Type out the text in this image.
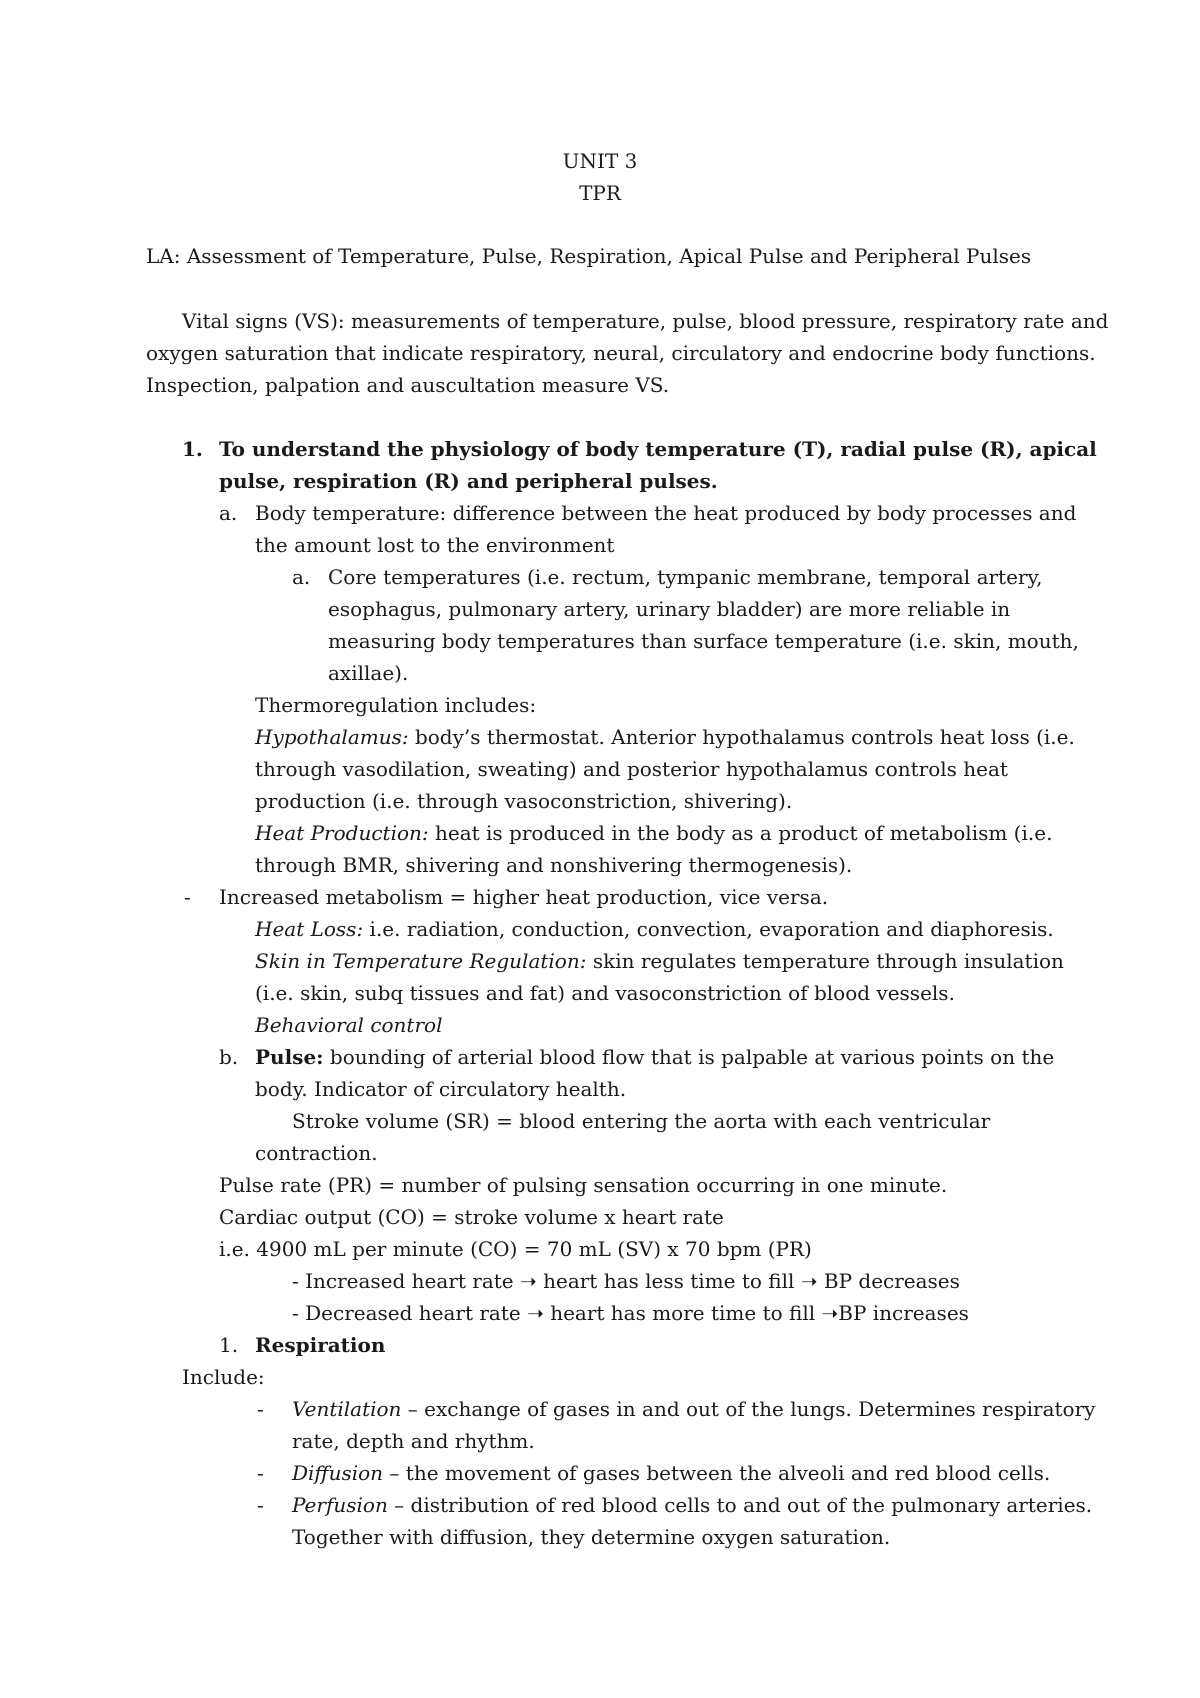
UNIT 3
TPR
LA: Assessment of Temperature, Pulse, Respiration, Apical Pulse and Peripheral Pulses
Vital signs (VS): measurements of temperature, pulse, blood pressure, respiratory rate and
oxygen saturation that indicate respiratory, neural, circulatory and endocrine body functions.
Inspection, palpation and auscultation measure VS.
1. To understand the physiology of body temperature (T), radial pulse (R), apical
pulse, respiration (R) and peripheral pulses.
a. Body temperature: difference between the heat produced by body processes and
the amount lost to the environment
a. Core temperatures (i.e. rectum, tympanic membrane, temporal artery,
esophagus, pulmonary artery, urinary bladder) are more reliable in
measuring body temperatures than surface temperature (i.e. skin, mouth,
axillae).
Thermoregulation includes:
Hypothalamus: body’s thermostat. Anterior hypothalamus controls heat loss (i.e.
through vasodilation, sweating) and posterior hypothalamus controls heat
production (i.e. through vasoconstriction, shivering).
Heat Production: heat is produced in the body as a product of metabolism (i.e.
through BMR, shivering and nonshivering thermogenesis).
- Increased metabolism = higher heat production, vice versa.
Heat Loss: i.e. radiation, conduction, convection, evaporation and diaphoresis.
Skin in Temperature Regulation: skin regulates temperature through insulation
(i.e. skin, subq tissues and fat) and vasoconstriction of blood vessels.
Behavioral control
b. Pulse: bounding of arterial blood flow that is palpable at various points on the
body. Indicator of circulatory health.
Stroke volume (SR) = blood entering the aorta with each ventricular
contraction.
Pulse rate (PR) = number of pulsing sensation occurring in one minute.
Cardiac output (CO) = stroke volume x heart rate
i.e. 4900 mL per minute (CO) = 70 mL (SV) x 70 bpm (PR)
- Increased heart rate ➝ heart has less time to fill ➝ BP decreases
- Decreased heart rate ➝ heart has more time to fill ➝BP increases
1. Respiration
Include:
- Ventilation – exchange of gases in and out of the lungs. Determines respiratory
rate, depth and rhythm.
- Diffusion – the movement of gases between the alveoli and red blood cells.
- Perfusion – distribution of red blood cells to and out of the pulmonary arteries.
Together with diffusion, they determine oxygen saturation.
